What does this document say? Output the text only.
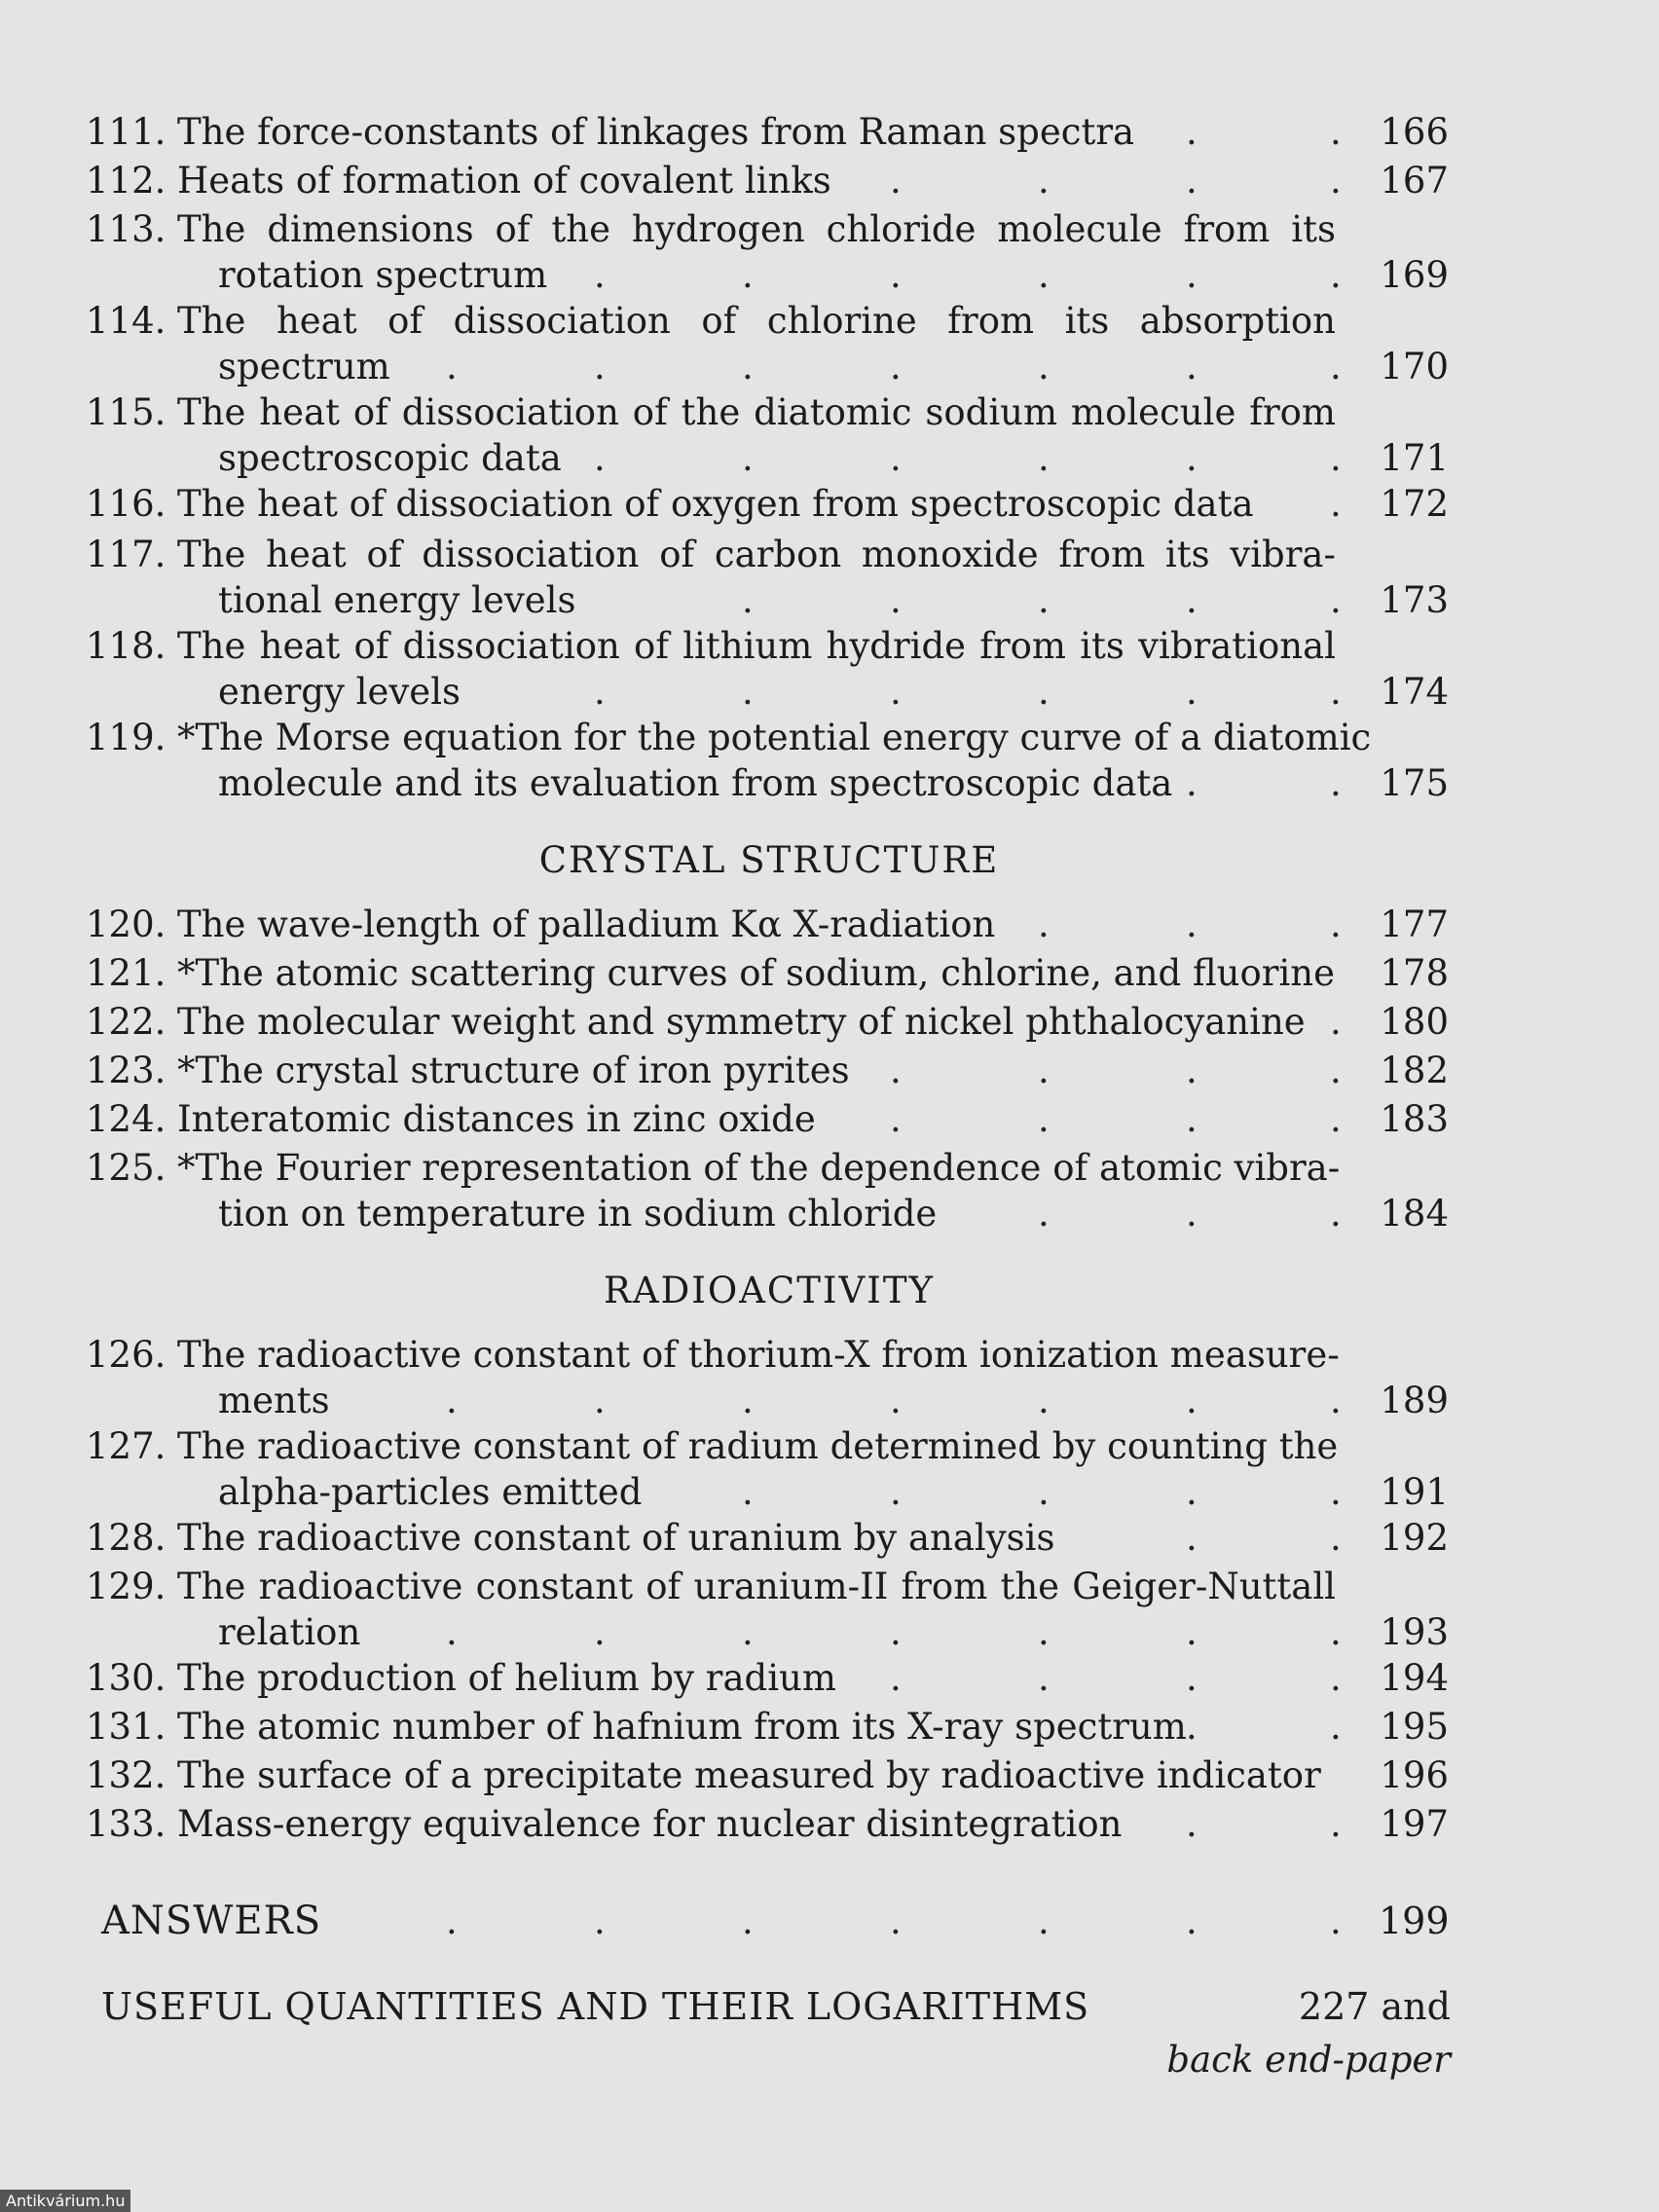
CRYSTAL STRUCTURE
RADIOACTIVITY
111. The force-constants of linkages from Raman spectra .	. 166
112. Heats of formation of covalent links .	.	.	. 167
113. The dimensions of the hydrogen chloride molecule from its
rotation spectrum .	.	.	.	.	. 169
114. The heat of dissociation of chlorine from its absorption
spectrum .	.	.	.	.	.	. 170
115. The heat of dissociation of the diatomic sodium molecule from
spectroscopic data .	.	.	.	.	. 171
116. The heat of dissociation of oxygen from spectroscopic data . 172
117. The heat of dissociation of carbon monoxide from its vibra-
tional energy levels	.	.	.	.	. 173
118. The heat of dissociation of lithium hydride from its vibrational
energy levels	.	.	.	.	.	. 174
119. *The Morse equation for the potential energy curve of a diatomic
molecule and its evaluation from spectroscopic data .	. 175
120. The wave-length of palladium Kα X-radiation .	.	. 177
121. *The atomic scattering curves of sodium, chlorine, and fluorine 178
122. The molecular weight and symmetry of nickel phthalocyanine . 180
123. *The crystal structure of iron pyrites .	.	.	. 182
124. Interatomic distances in zinc oxide .	.	.	. 183
125. *The Fourier representation of the dependence of atomic vibra-
tion on temperature in sodium chloride	.	.	. 184
126. The radioactive constant of thorium-X from ionization measure-
ments	.	.	.	.	.	.	. 189
127. The radioactive constant of radium determined by counting the
alpha-particles emitted	.	.	.	.	. 191
128. The radioactive constant of uranium by analysis	.	. 192
129. The radioactive constant of uranium-II from the Geiger-Nuttall
relation .	.	.	.	.	.	. 193
130. The production of helium by radium .	.	.	. 194
131. The atomic number of hafnium from its X-ray spectrum .	. 195
132. The surface of a precipitate measured by radioactive indicator 196
133. Mass-energy equivalence for nuclear disintegration .	. 197
ANSWERS	.	.	.	.	.	.	. 199
USEFUL QUANTITIES AND THEIR LOGARITHMS	227 and
back end-paper
Antikvárium.hu
